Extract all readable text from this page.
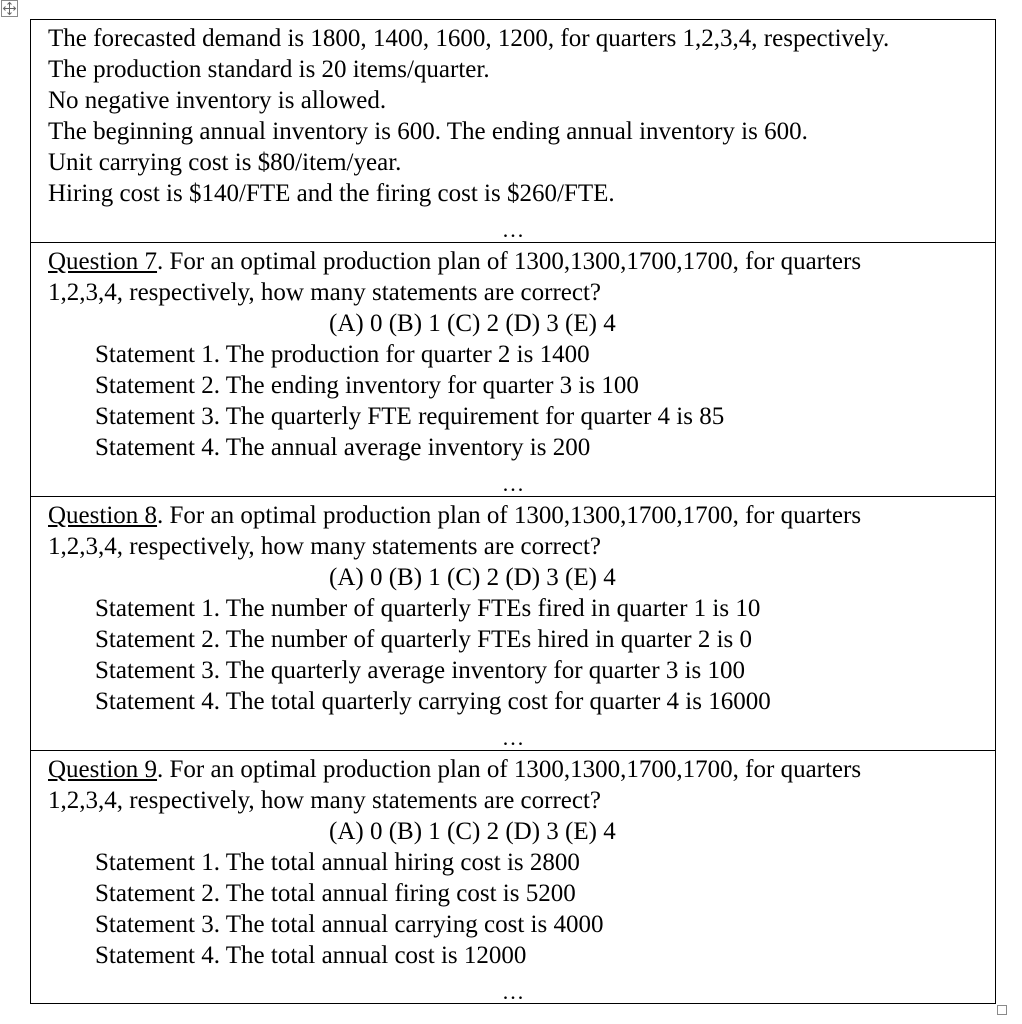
The forecasted demand is 1800, 1400, 1600, 1200, for quarters 1,2,3,4, respectively.
The production standard is 20 items/quarter.
No negative inventory is allowed.
The beginning annual inventory is 600. The ending annual inventory is 600.
Unit carrying cost is $80/item/year.
Hiring cost is $140/FTE and the firing cost is $260/FTE.
...

Question 7. For an optimal production plan of 1300,1300,1700,1700, for quarters
1,2,3,4, respectively, how many statements are correct?
(A) 0 (B) 1 (C) 2 (D) 3 (E) 4
Statement 1. The production for quarter 2 is 1400
Statement 2. The ending inventory for quarter 3 is 100
Statement 3. The quarterly FTE requirement for quarter 4 is 85
Statement 4. The annual average inventory is 200
...

Question 8. For an optimal production plan of 1300,1300,1700,1700, for quarters
1,2,3,4, respectively, how many statements are correct?
(A) 0 (B) 1 (C) 2 (D) 3 (E) 4
Statement 1. The number of quarterly FTEs fired in quarter 1 is 10
Statement 2. The number of quarterly FTEs hired in quarter 2 is 0
Statement 3. The quarterly average inventory for quarter 3 is 100
Statement 4. The total quarterly carrying cost for quarter 4 is 16000
...

Question 9. For an optimal production plan of 1300,1300,1700,1700, for quarters
1,2,3,4, respectively, how many statements are correct?
(A) 0 (B) 1 (C) 2 (D) 3 (E) 4
Statement 1. The total annual hiring cost is 2800
Statement 2. The total annual firing cost is 5200
Statement 3. The total annual carrying cost is 4000
Statement 4. The total annual cost is 12000
...
